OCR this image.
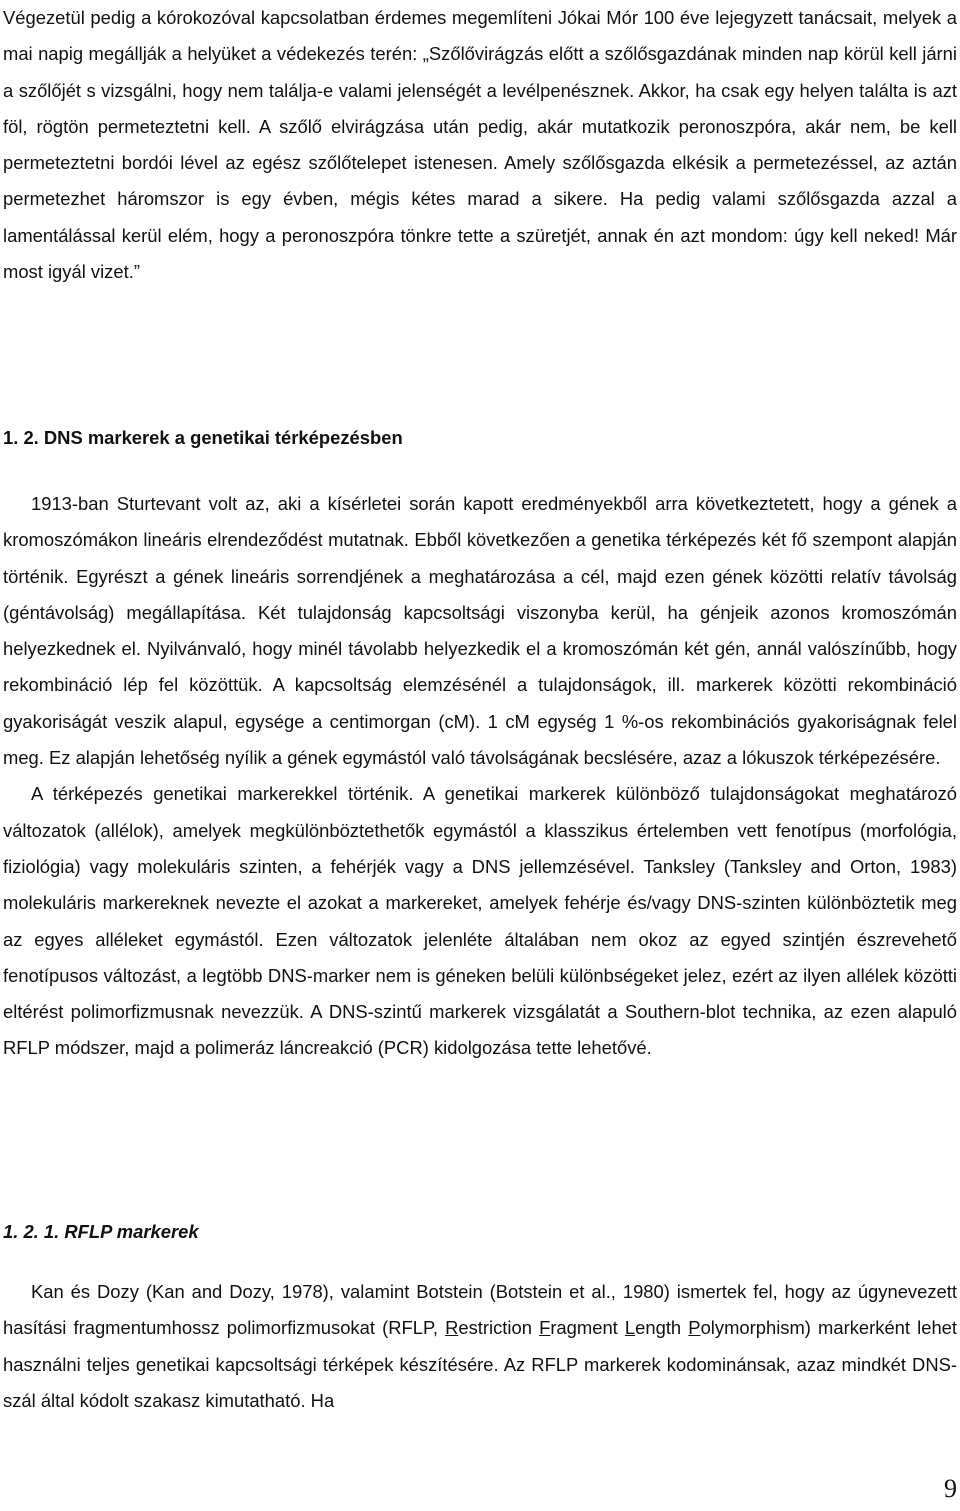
Végezetül pedig a kórokozóval kapcsolatban érdemes megemlíteni Jókai Mór 100 éve lejegyzett tanácsait, melyek a mai napig megállják a helyüket a védekezés terén: „Szőlővirágzás előtt a szőlősgazdának minden nap körül kell járni a szőlőjét s vizsgálni, hogy nem találja-e valami jelenségét a levélpenésznek. Akkor, ha csak egy helyen találta is azt föl, rögtön permeteztetni kell. A szőlő elvirágzása után pedig, akár mutatkozik peronoszpóra, akár nem, be kell permeteztetni bordói lével az egész szőlőtelepet istenesen. Amely szőlősgazda elkésik a permetezéssel, az aztán permetezhet háromszor is egy évben, mégis kétes marad a sikere. Ha pedig valami szőlősgazda azzal a lamentálással kerül elém, hogy a peronoszpóra tönkre tette a szüretjét, annak én azt mondom: úgy kell neked! Már most igyál vizet.”

1. 2. DNS markerek a genetikai térképezésben

1913-ban Sturtevant volt az, aki a kísérletei során kapott eredményekből arra következtetett, hogy a gének a kromoszómákon lineáris elrendeződést mutatnak. Ebből következően a genetika térképezés két fő szempont alapján történik. Egyrészt a gének lineáris sorrendjének a meghatározása a cél, majd ezen gének közötti relatív távolság (géntávolság) megállapítása. Két tulajdonság kapcsoltsági viszonyba kerül, ha génjeik azonos kromoszómán helyezkednek el. Nyilvánvaló, hogy minél távolabb helyezkedik el a kromoszómán két gén, annál valószínűbb, hogy rekombináció lép fel közöttük. A kapcsoltság elemzésénél a tulajdonságok, ill. markerek közötti rekombináció gyakoriságát veszik alapul, egysége a centimorgan (cM). 1 cM egység 1 %-os rekombinációs gyakoriságnak felel meg. Ez alapján lehetőség nyílik a gének egymástól való távolságának becslésére, azaz a lókuszok térképezésére.
A térképezés genetikai markerekkel történik. A genetikai markerek különböző tulajdonságokat meghatározó változatok (allélok), amelyek megkülönböztethetők egymástól a klasszikus értelemben vett fenotípus (morfológia, fiziológia) vagy molekuláris szinten, a fehérjék vagy a DNS jellemzésével. Tanksley (Tanksley and Orton, 1983) molekuláris markereknek nevezte el azokat a markereket, amelyek fehérje és/vagy DNS-szinten különböztetik meg az egyes alléleket egymástól. Ezen változatok jelenléte általában nem okoz az egyed szintjén észrevehető fenotípusos változást, a legtöbb DNS-marker nem is géneken belüli különbségeket jelez, ezért az ilyen allélek közötti eltérést polimorfizmusnak nevezzük. A DNS-szintű markerek vizsgálatát a Southern-blot technika, az ezen alapuló RFLP módszer, majd a polimeráz láncreakció (PCR) kidolgozása tette lehetővé.

1. 2. 1. RFLP markerek

Kan és Dozy (Kan and Dozy, 1978), valamint Botstein (Botstein et al., 1980) ismertek fel, hogy az úgynevezett hasítási fragmentumhossz polimorfizmusokat (RFLP, Restriction Fragment Length Polymorphism) markerként lehet használni teljes genetikai kapcsoltsági térképek készítésére. Az RFLP markerek kodominánsak, azaz mindkét DNS-szál által kódolt szakasz kimutatható. Ha

9
